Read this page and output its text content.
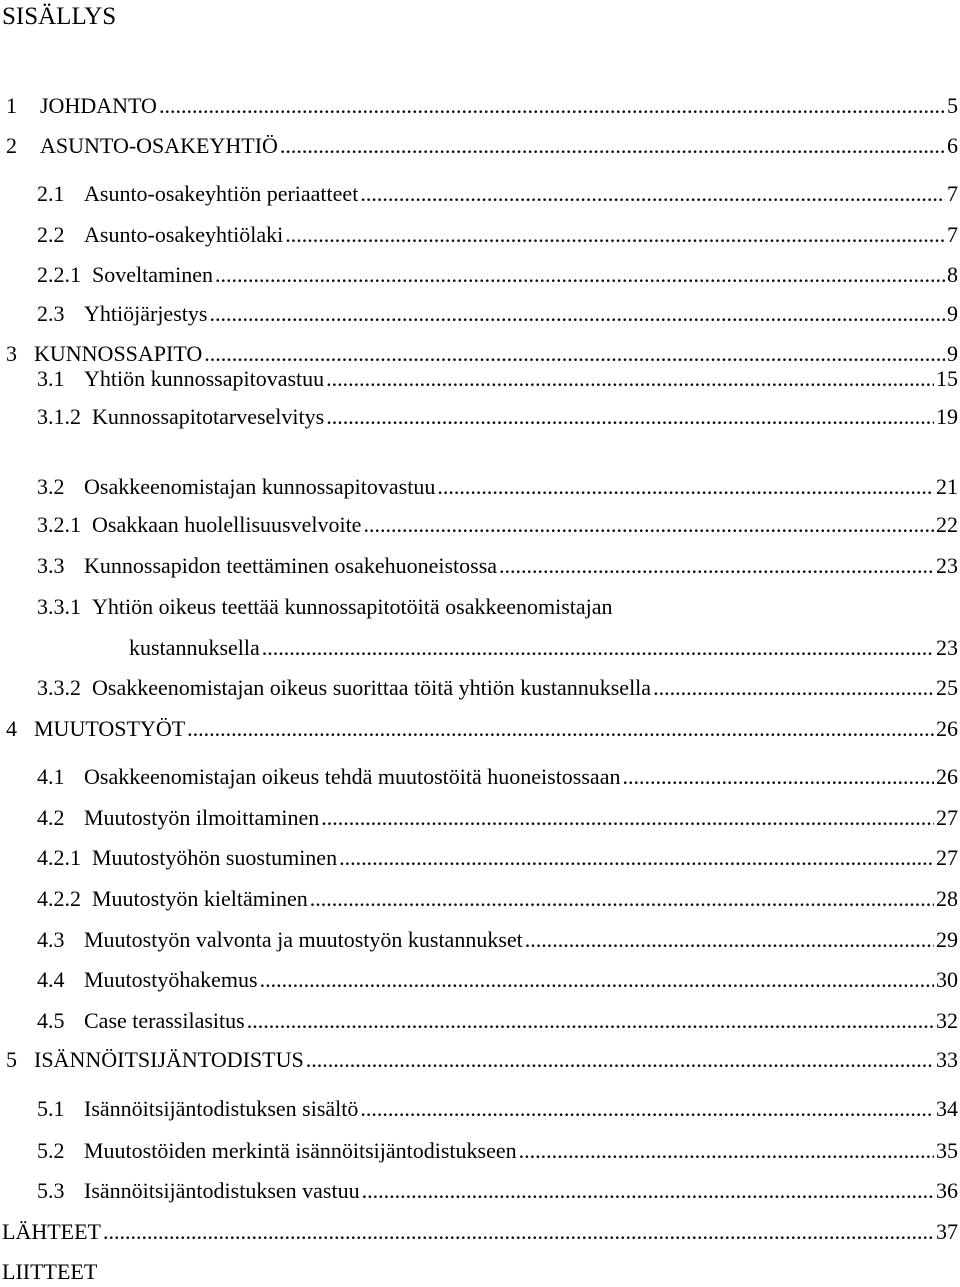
SISÄLLYS
1	JOHDANTO .....	5
2	ASUNTO-OSAKEYHTIÖ .....	6
2.1 Asunto-osakeyhtiön periaatteet .....	7
2.2 Asunto-osakeyhtiölaki .....	7
2.2.1 Soveltaminen .....	8
2.3 Yhtiöjärjestys .....	9
3 KUNNOSSAPITO .....	9
3.1 Yhtiön kunnossapitovastuu .....	15
3.1.2 Kunnossapitotarveselvitys .....	19
3.2 Osakkeenomistajan kunnossapitovastuu .....	21
3.2.1 Osakkaan huolellisuusvelvoite .....	22
3.3 Kunnossapidon teettäminen osakehuoneistossa .....	23
3.3.1 Yhtiön oikeus teettää kunnossapitotöitä osakkeenomistajan
kustannuksella .....	23
3.3.2 Osakkeenomistajan oikeus suorittaa töitä yhtiön kustannuksella .....	25
4 MUUTOSTYÖT .....	26
4.1 Osakkeenomistajan oikeus tehdä muutostöitä huoneistossaan .....	26
4.2 Muutostyön ilmoittaminen .....	27
4.2.1 Muutostyöhön suostuminen .....	27
4.2.2 Muutostyön kieltäminen .....	28
4.3 Muutostyön valvonta ja muutostyön kustannukset .....	29
4.4 Muutostyöhakemus .....	30
4.5 Case terassilasitus .....	32
5 ISÄNNÖITSIJÄNTODISTUS .....	33
5.1 Isännöitsijäntodistuksen sisältö .....	34
5.2 Muutostöiden merkintä isännöitsijäntodistukseen .....	35
5.3 Isännöitsijäntodistuksen vastuu .....	36
LÄHTEET .....	37
LIITTEET
